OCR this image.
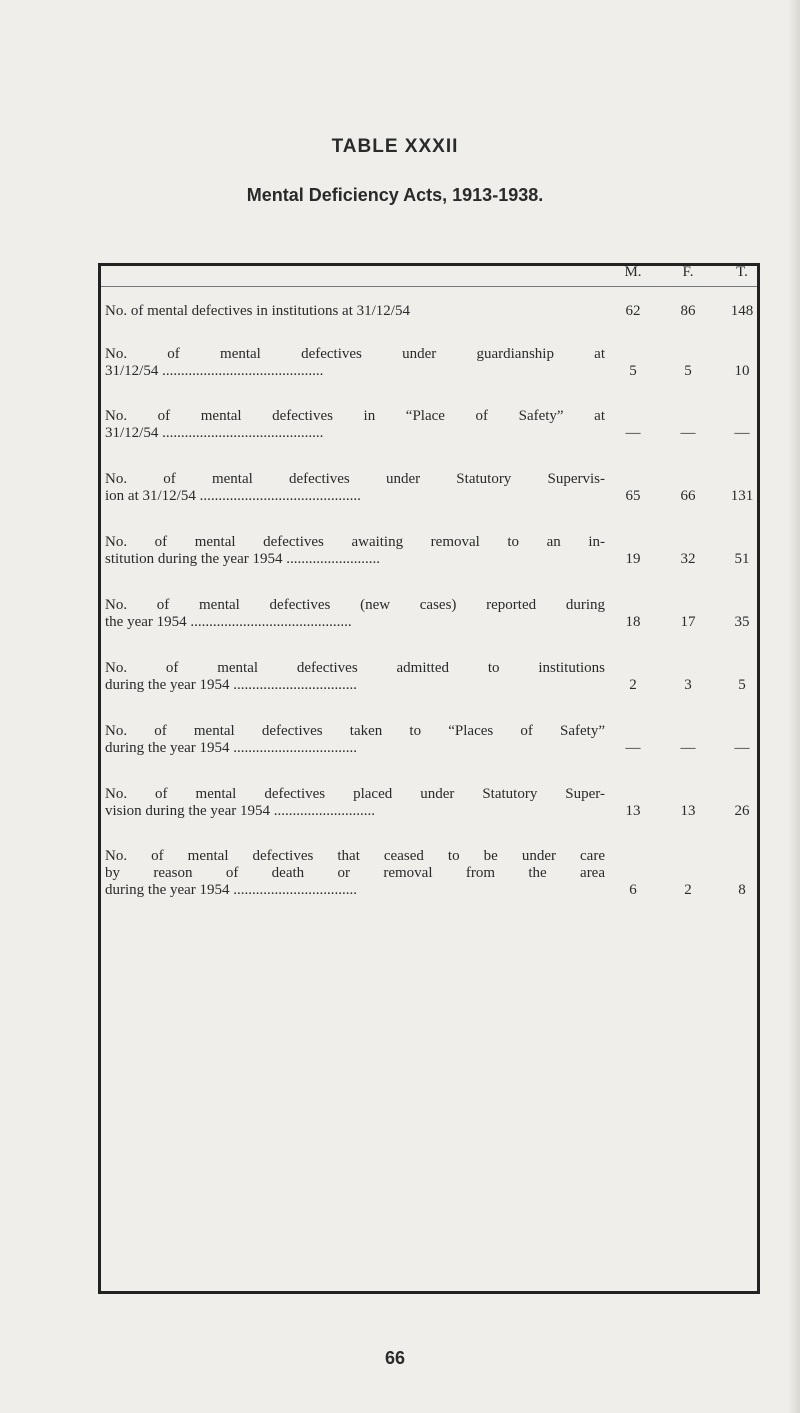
TABLE XXXII
Mental Deficiency Acts, 1913-1938.
M.	F.	T.
No. of mental defectives in institutions at 31/12/54	62	86	148
No. of mental defectives under guardianship at
31/12/54 ...........................................	5	5	10
No. of mental defectives in “Place of Safety” at
31/12/54 ...........................................	—	—	—
No. of mental defectives under Statutory Supervis-
ion at 31/12/54 ...........................................	65	66	131
No. of mental defectives awaiting removal to an in-
stitution during the year 1954 .........................	19	32	51
No. of mental defectives (new cases) reported during
the year 1954 ...........................................	18	17	35
No. of mental defectives admitted to institutions
during the year 1954 .................................	2	3	5
No. of mental defectives taken to “Places of Safety”
during the year 1954 .................................	—	—	—
No. of mental defectives placed under Statutory Super-
vision during the year 1954 ...........................	13	13	26
No. of mental defectives that ceased to be under care
by reason of death or removal from the area
during the year 1954 .................................	6	2	8
66
